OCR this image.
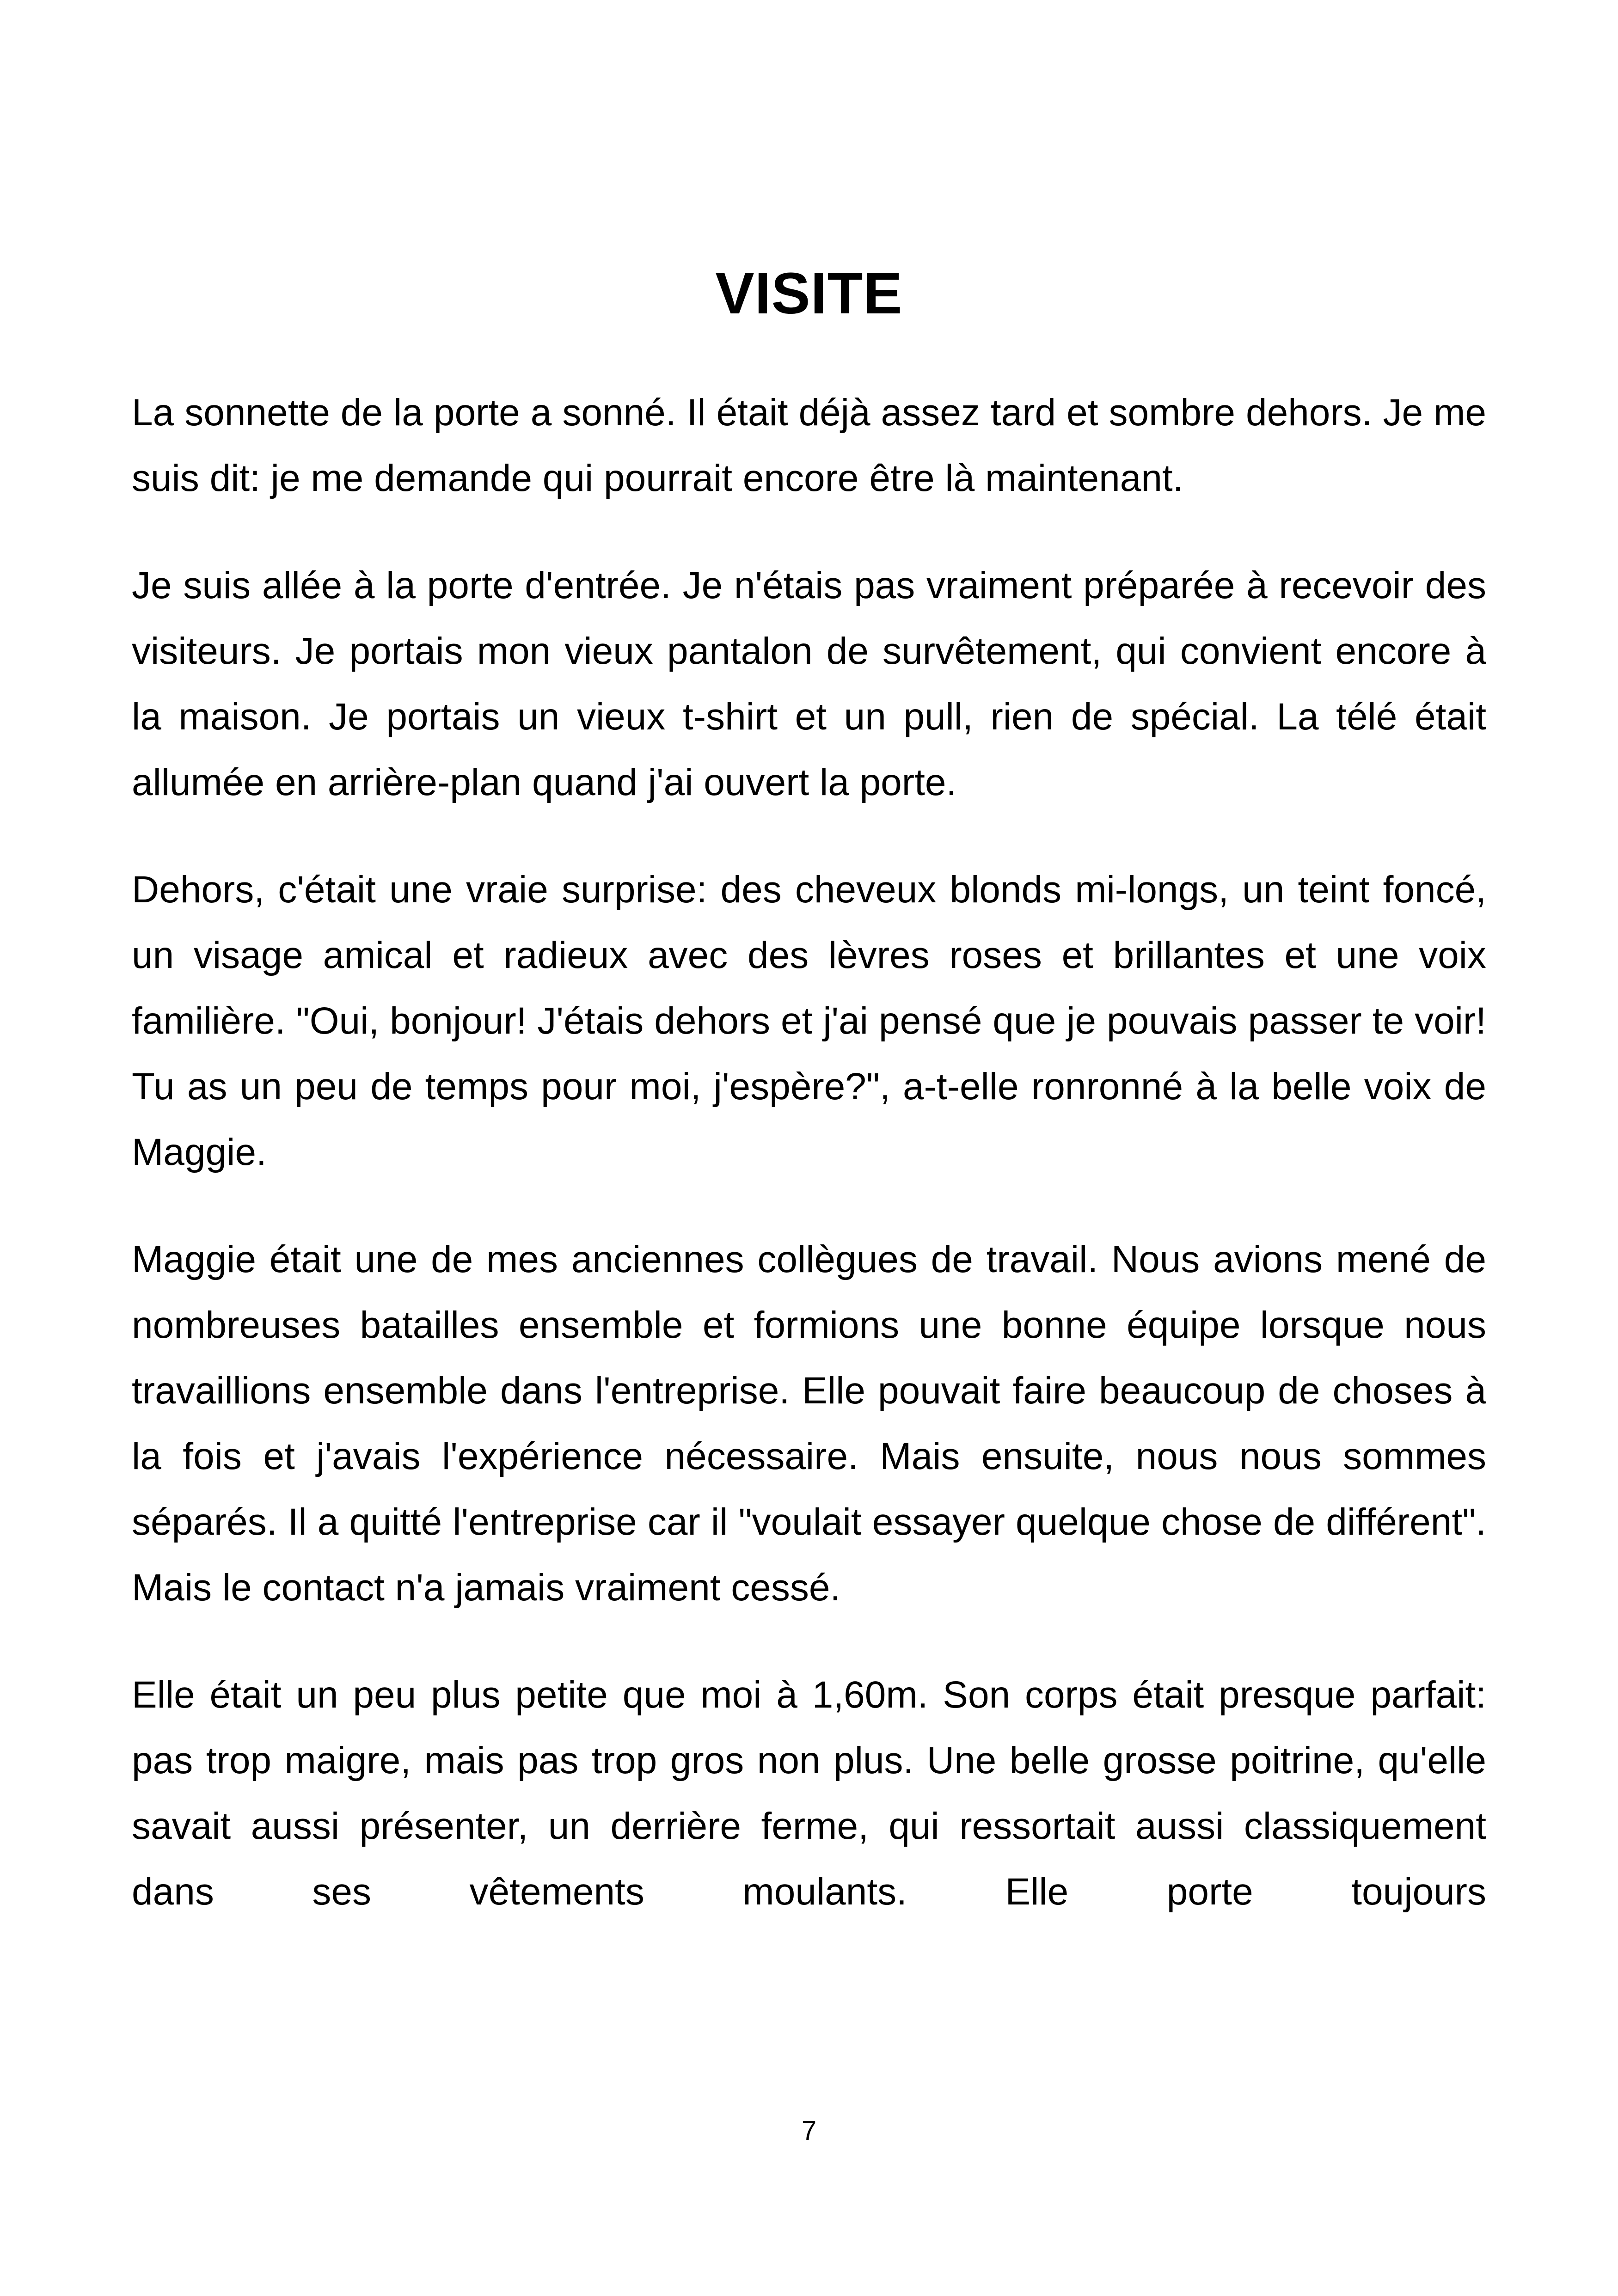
VISITE

La sonnette de la porte a sonné. Il était déjà assez tard et sombre dehors. Je me suis dit: je me demande qui pourrait encore être là maintenant.

Je suis allée à la porte d'entrée. Je n'étais pas vraiment préparée à recevoir des visiteurs. Je portais mon vieux pantalon de survêtement, qui convient encore à la maison. Je portais un vieux t-shirt et un pull, rien de spécial. La télé était allumée en arrière-plan quand j'ai ouvert la porte.

Dehors, c'était une vraie surprise: des cheveux blonds mi-longs, un teint foncé, un visage amical et radieux avec des lèvres roses et brillantes et une voix familière. "Oui, bonjour! J'étais dehors et j'ai pensé que je pouvais passer te voir! Tu as un peu de temps pour moi, j'espère?", a-t-elle ronronné à la belle voix de Maggie.

Maggie était une de mes anciennes collègues de travail. Nous avions mené de nombreuses batailles ensemble et formions une bonne équipe lorsque nous travaillions ensemble dans l'entreprise. Elle pouvait faire beaucoup de choses à la fois et j'avais l'expérience nécessaire. Mais ensuite, nous nous sommes séparés. Il a quitté l'entreprise car il "voulait essayer quelque chose de différent". Mais le contact n'a jamais vraiment cessé.

Elle était un peu plus petite que moi à 1,60m. Son corps était presque parfait: pas trop maigre, mais pas trop gros non plus. Une belle grosse poitrine, qu'elle savait aussi présenter, un derrière ferme, qui ressortait aussi classiquement dans ses vêtements moulants. Elle porte toujours

7
